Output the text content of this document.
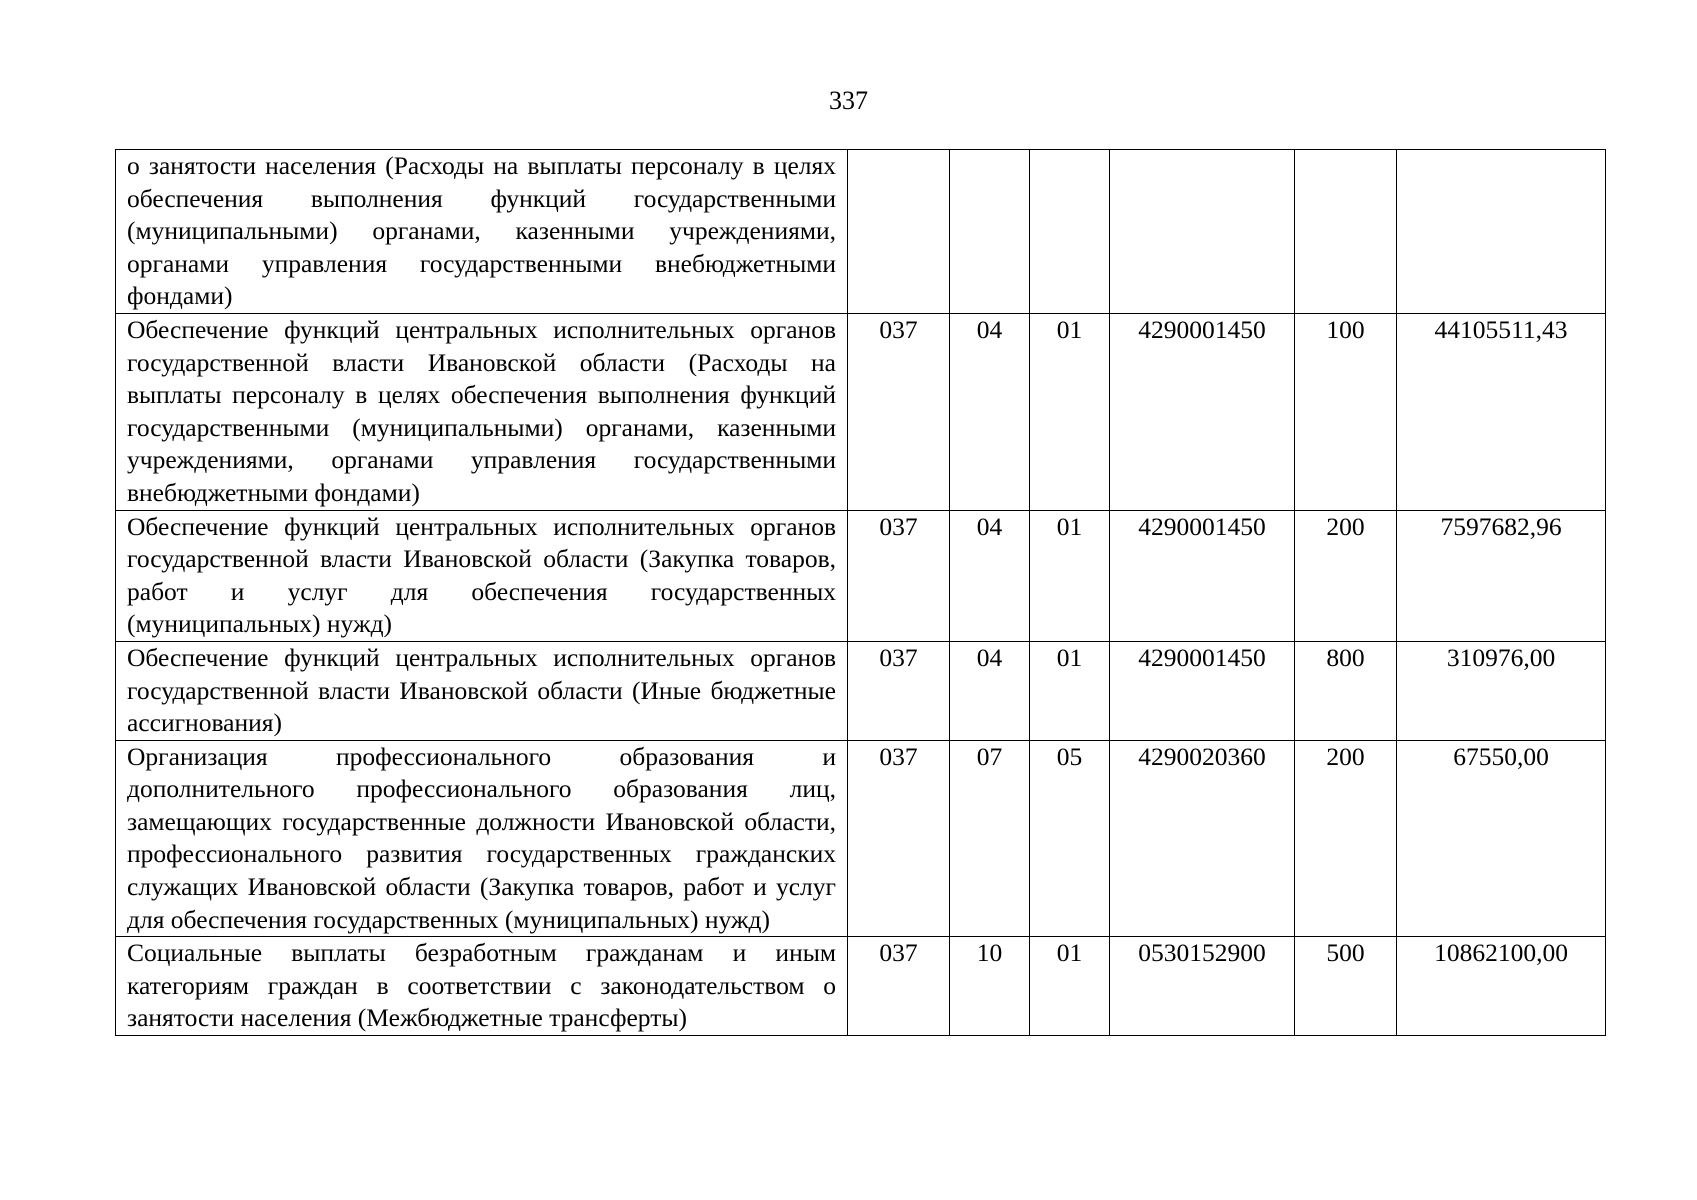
337
о занятости населения (Расходы на выплаты персоналу в целях обеспечения выполнения функций государственными (муниципальными) органами, казенными учреждениями, органами управления государственными внебюджетными фондами)						
Обеспечение функций центральных исполнительных органов государственной власти Ивановской области (Расходы на выплаты персоналу в целях обеспечения выполнения функций государственными (муниципальными) органами, казенными учреждениями, органами управления государственными внебюджетными фондами)	037	04	01	4290001450	100	44105511,43
Обеспечение функций центральных исполнительных органов государственной власти Ивановской области (Закупка товаров, работ и услуг для обеспечения государственных (муниципальных) нужд)	037	04	01	4290001450	200	7597682,96
Обеспечение функций центральных исполнительных органов государственной власти Ивановской области (Иные бюджетные ассигнования)	037	04	01	4290001450	800	310976,00
Организация профессионального образования и дополнительного профессионального образования лиц, замещающих государственные должности Ивановской области, профессионального развития государственных гражданских служащих Ивановской области (Закупка товаров, работ и услуг для обеспечения государственных (муниципальных) нужд)	037	07	05	4290020360	200	67550,00
Социальные выплаты безработным гражданам и иным категориям граждан в соответствии с законодательством о занятости населения (Межбюджетные трансферты)	037	10	01	0530152900	500	10862100,00
